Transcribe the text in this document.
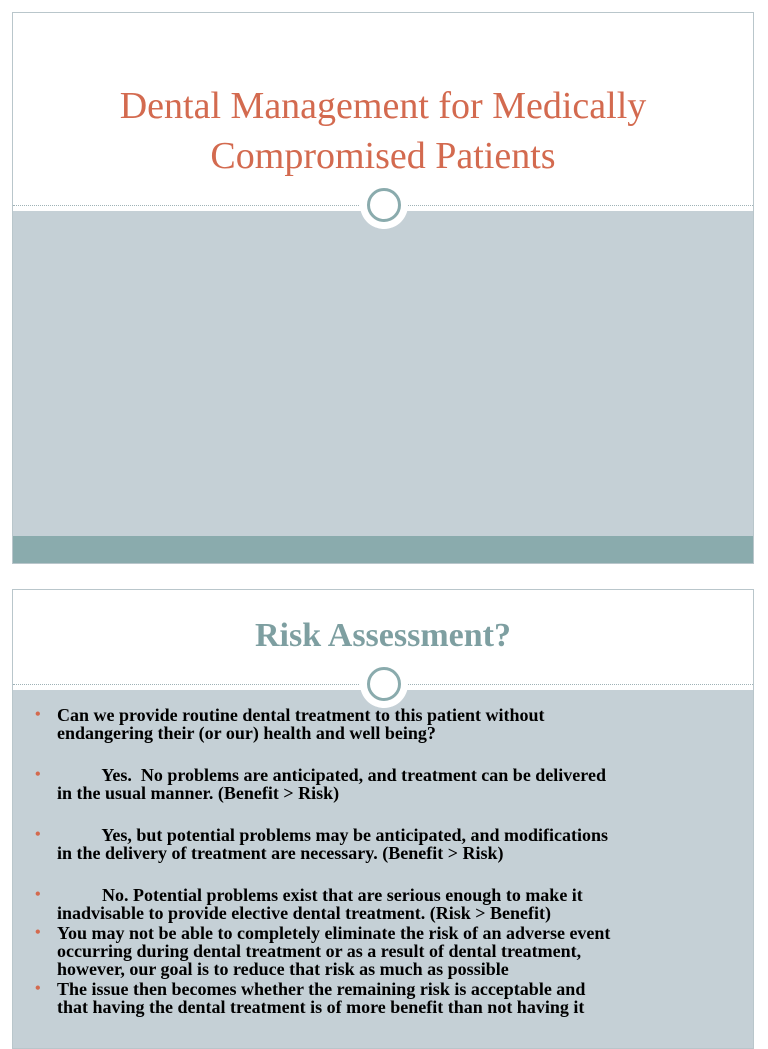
Dental Management for Medically
Compromised Patients
Risk Assessment?
• Can we provide routine dental treatment to this patient without
endangering their (or our) health and well being?
• Yes.  No problems are anticipated, and treatment can be delivered
in the usual manner. (Benefit > Risk)
• Yes, but potential problems may be anticipated, and modifications
in the delivery of treatment are necessary. (Benefit > Risk)
• No. Potential problems exist that are serious enough to make it
inadvisable to provide elective dental treatment. (Risk > Benefit)
• You may not be able to completely eliminate the risk of an adverse event
occurring during dental treatment or as a result of dental treatment,
however, our goal is to reduce that risk as much as possible
• The issue then becomes whether the remaining risk is acceptable and
that having the dental treatment is of more benefit than not having it
